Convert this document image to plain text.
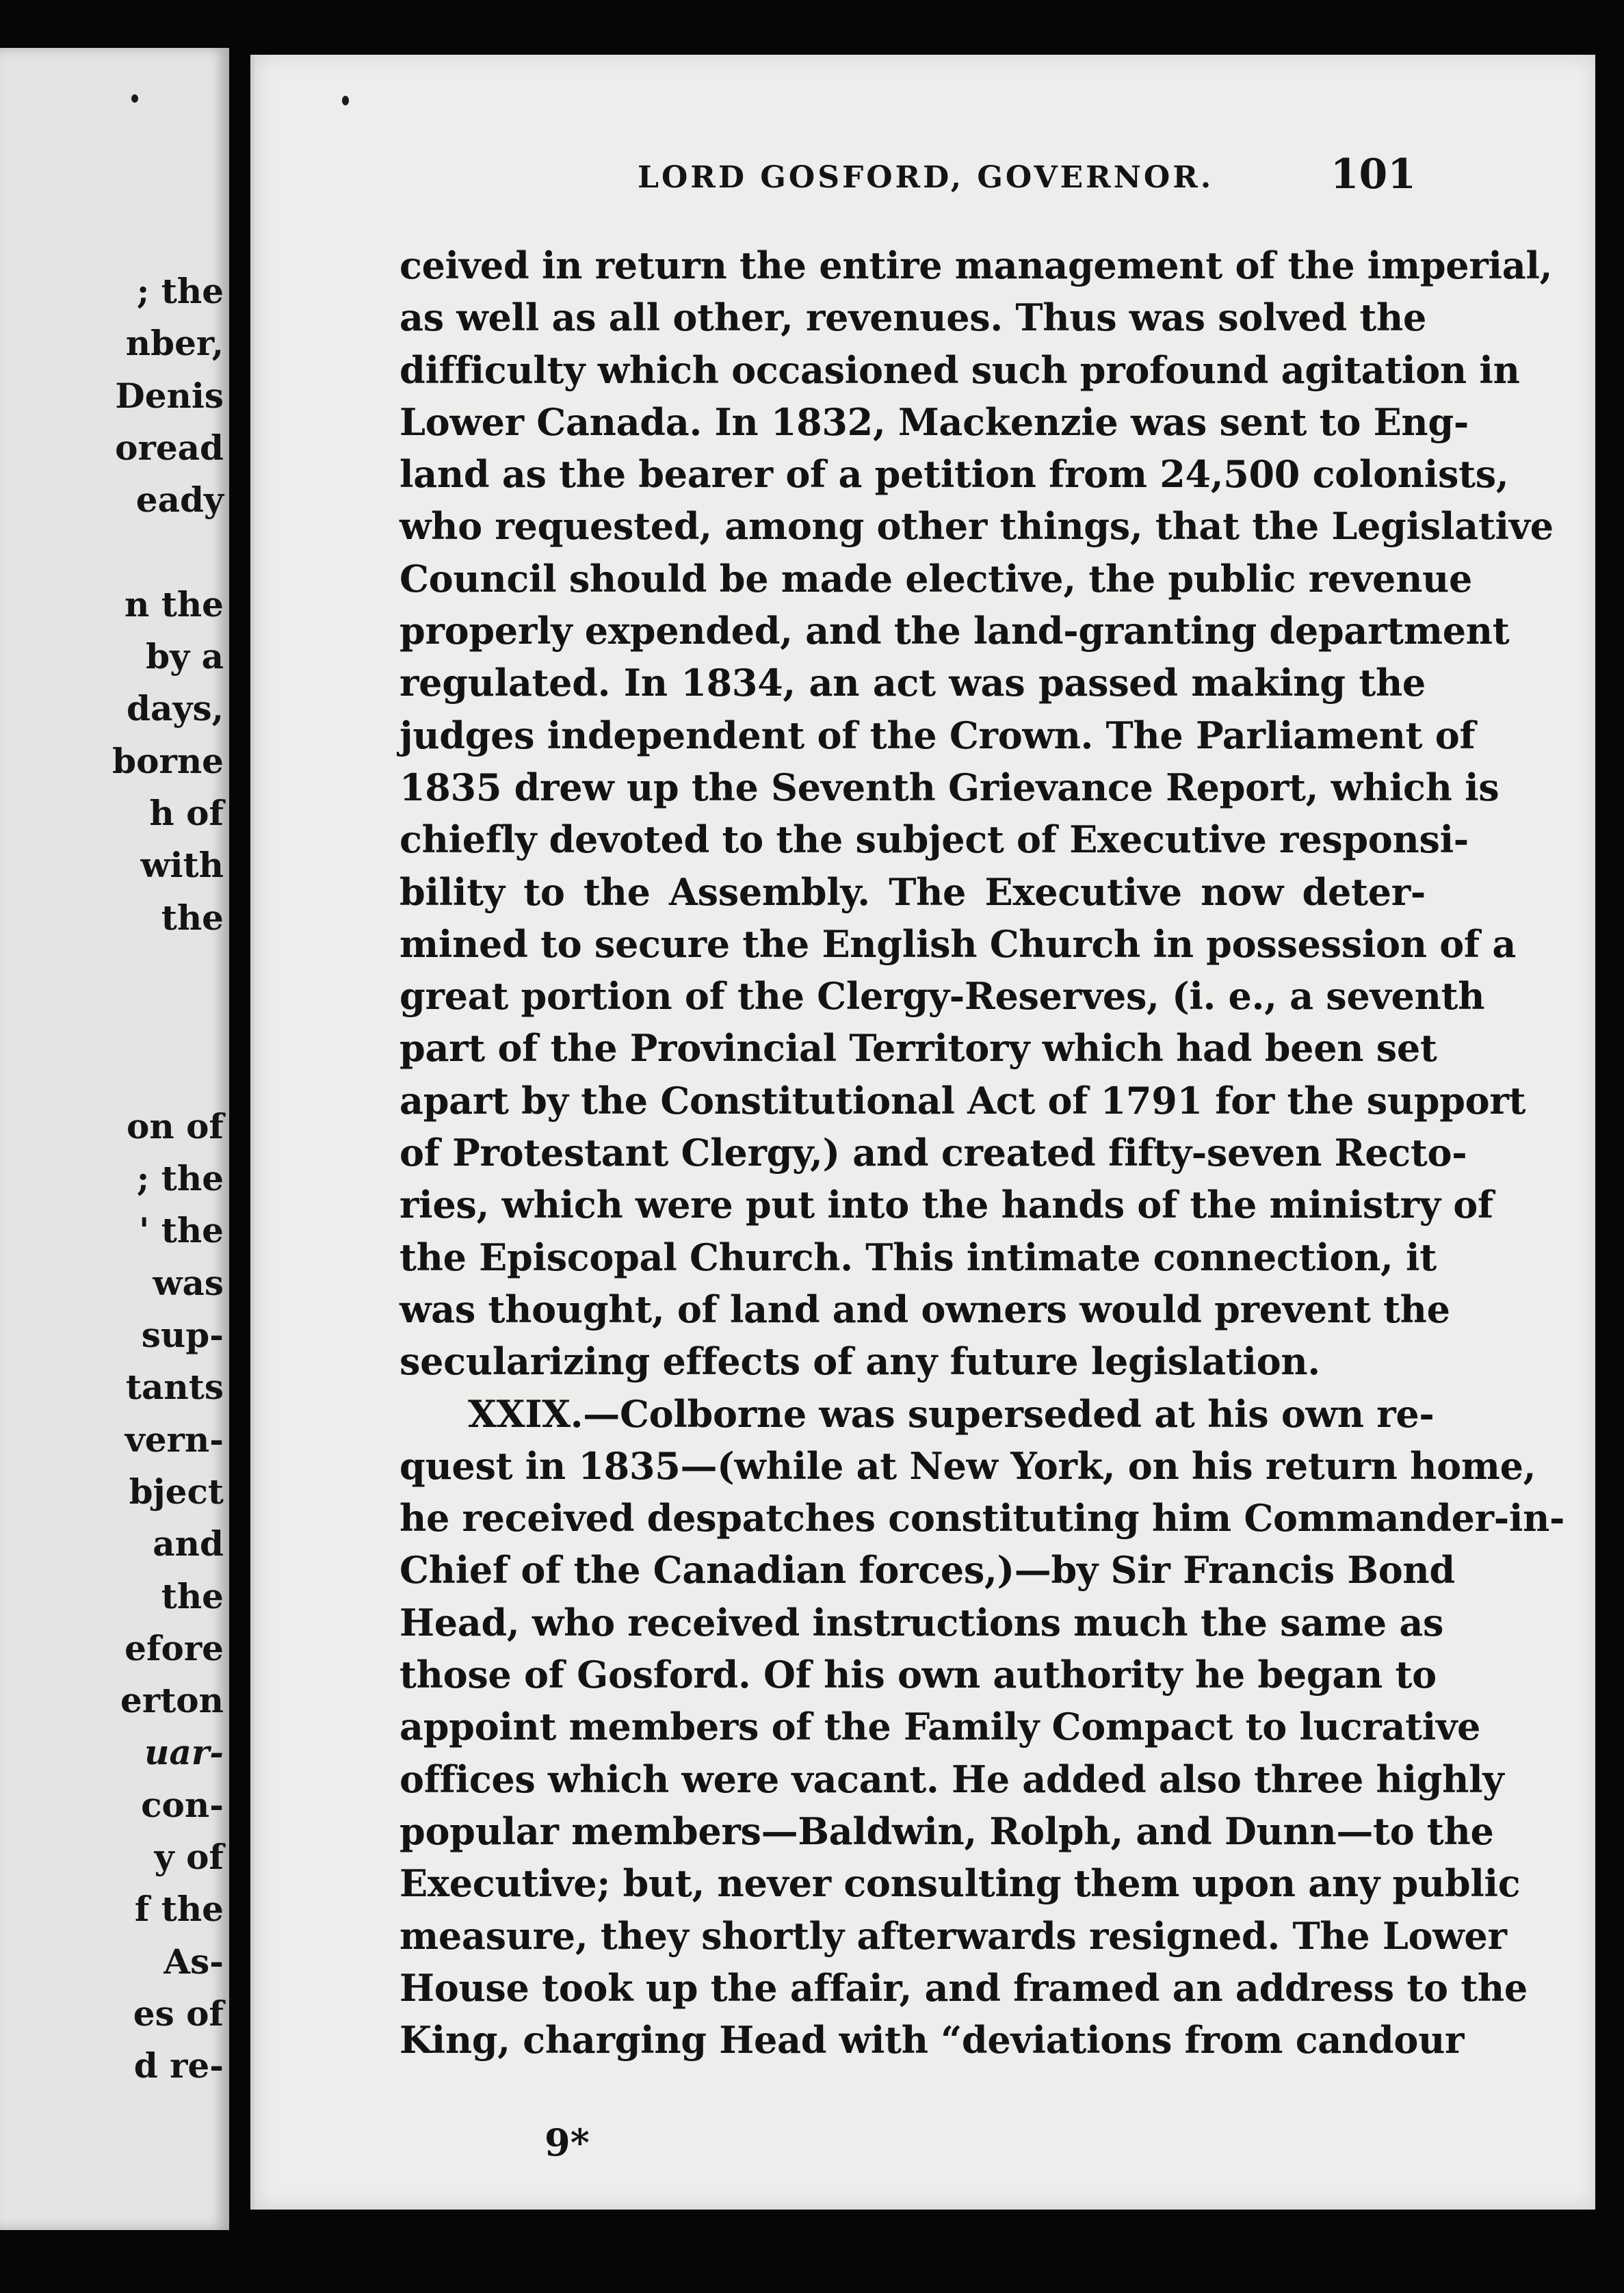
; the
nber,
Denis
oread
eady
n the
by a
days,
borne
h of
with
the
on of
; the
' the
was
sup-
tants
vern-
bject
and
the
efore
erton
uar-
con-
y of
f the
As-
es of
d re-
LORD GOSFORD, GOVERNOR.	101
ceived in return the entire management of the imperial,
as well as all other, revenues. Thus was solved the
difficulty which occasioned such profound agitation in
Lower Canada. In 1832, Mackenzie was sent to Eng-
land as the bearer of a petition from 24,500 colonists,
who requested, among other things, that the Legislative
Council should be made elective, the public revenue
properly expended, and the land-granting department
regulated. In 1834, an act was passed making the
judges independent of the Crown. The Parliament of
1835 drew up the Seventh Grievance Report, which is
chiefly devoted to the subject of Executive responsi-
bility to the Assembly. The Executive now deter-
mined to secure the English Church in possession of a
great portion of the Clergy-Reserves, (i. e., a seventh
part of the Provincial Territory which had been set
apart by the Constitutional Act of 1791 for the support
of Protestant Clergy,) and created fifty-seven Recto-
ries, which were put into the hands of the ministry of
the Episcopal Church. This intimate connection, it
was thought, of land and owners would prevent the
secularizing effects of any future legislation.
XXIX.—Colborne was superseded at his own re-
quest in 1835—(while at New York, on his return home,
he received despatches constituting him Commander-in-
Chief of the Canadian forces,)—by Sir Francis Bond
Head, who received instructions much the same as
those of Gosford. Of his own authority he began to
appoint members of the Family Compact to lucrative
offices which were vacant. He added also three highly
popular members—Baldwin, Rolph, and Dunn—to the
Executive; but, never consulting them upon any public
measure, they shortly afterwards resigned. The Lower
House took up the affair, and framed an address to the
King, charging Head with “deviations from candour
9*
